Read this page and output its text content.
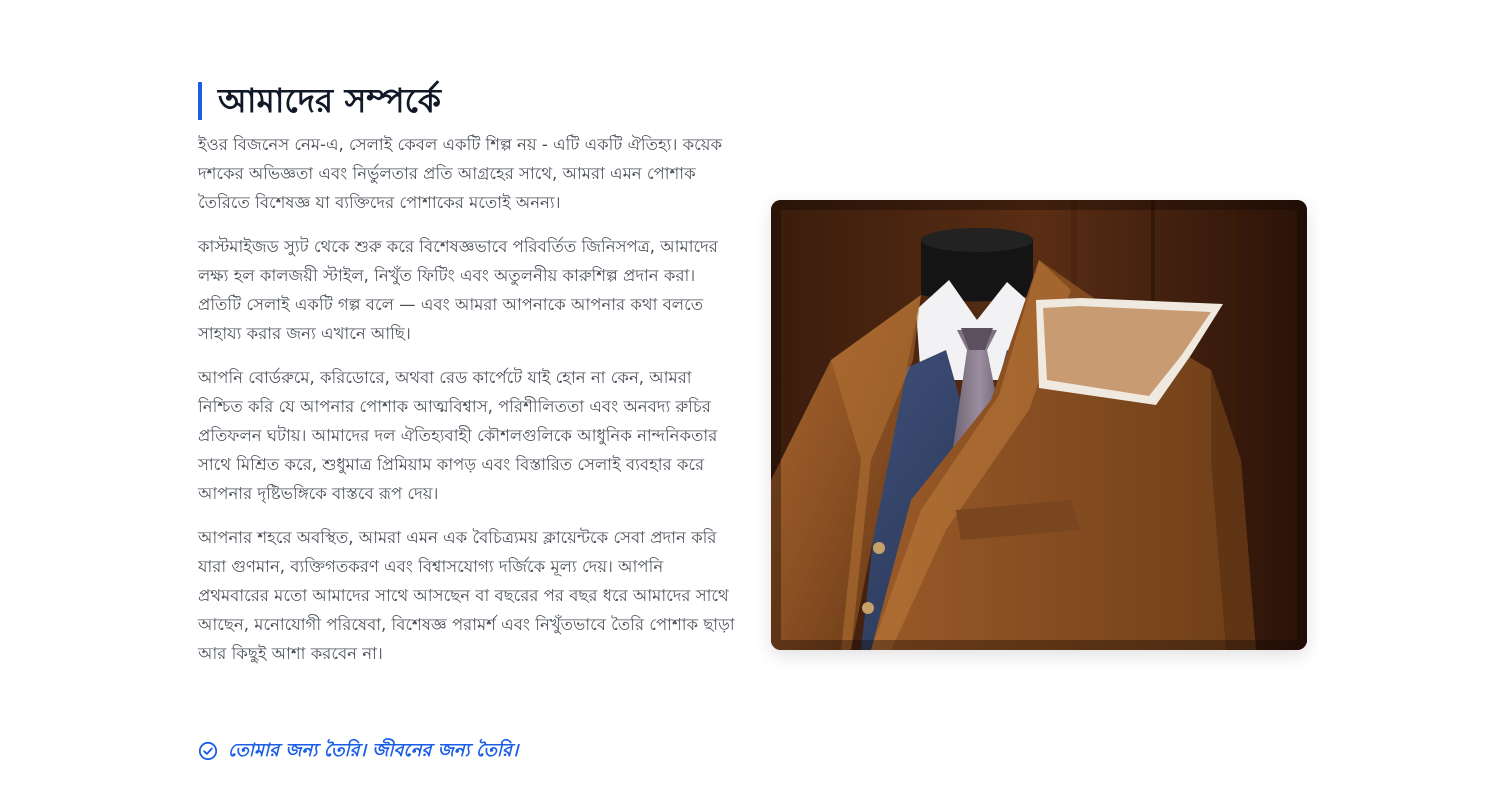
আমাদের সম্পর্কে

ইওর বিজনেস নেম-এ, সেলাই কেবল একটি শিল্প নয় - এটি একটি ঐতিহ্য। কয়েক দশকের অভিজ্ঞতা এবং নির্ভুলতার প্রতি আগ্রহের সাথে, আমরা এমন পোশাক তৈরিতে বিশেষজ্ঞ যা ব্যক্তিদের পোশাকের মতোই অনন্য।

কাস্টমাইজড স্যুট থেকে শুরু করে বিশেষজ্ঞভাবে পরিবর্তিত জিনিসপত্র, আমাদের লক্ষ্য হল কালজয়ী স্টাইল, নিখুঁত ফিটিং এবং অতুলনীয় কারুশিল্প প্রদান করা। প্রতিটি সেলাই একটি গল্প বলে — এবং আমরা আপনাকে আপনার কথা বলতে সাহায্য করার জন্য এখানে আছি।

আপনি বোর্ডরুমে, করিডোরে, অথবা রেড কার্পেটে যাই হোন না কেন, আমরা নিশ্চিত করি যে আপনার পোশাক আত্মবিশ্বাস, পরিশীলিততা এবং অনবদ্য রুচির প্রতিফলন ঘটায়। আমাদের দল ঐতিহ্যবাহী কৌশলগুলিকে আধুনিক নান্দনিকতার সাথে মিশ্রিত করে, শুধুমাত্র প্রিমিয়াম কাপড় এবং বিস্তারিত সেলাই ব্যবহার করে আপনার দৃষ্টিভঙ্গিকে বাস্তবে রূপ দেয়।

আপনার শহরে অবস্থিত, আমরা এমন এক বৈচিত্র্যময় ক্লায়েন্টকে সেবা প্রদান করি যারা গুণমান, ব্যক্তিগতকরণ এবং বিশ্বাসযোগ্য দর্জিকে মূল্য দেয়। আপনি প্রথমবারের মতো আমাদের সাথে আসছেন বা বছরের পর বছর ধরে আমাদের সাথে আছেন, মনোযোগী পরিষেবা, বিশেষজ্ঞ পরামর্শ এবং নিখুঁতভাবে তৈরি পোশাক ছাড়া আর কিছুই আশা করবেন না।

তোমার জন্য তৈরি। জীবনের জন্য তৈরি।
